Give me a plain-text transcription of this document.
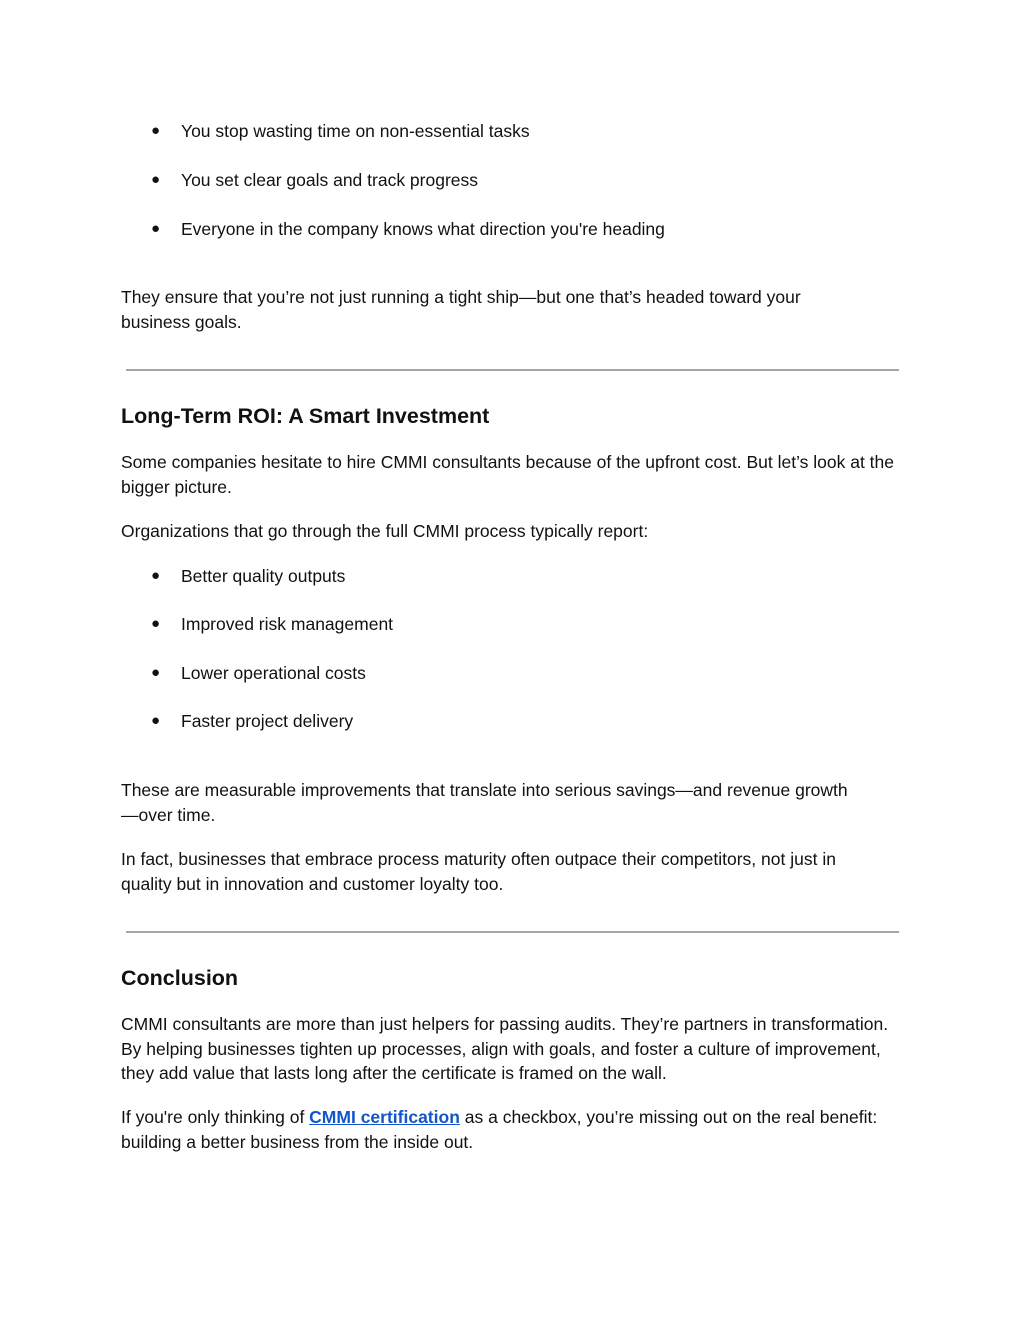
● You stop wasting time on non-essential tasks
● You set clear goals and track progress
● Everyone in the company knows what direction you're heading

They ensure that you’re not just running a tight ship—but one that’s headed toward your business goals.

Long-Term ROI: A Smart Investment

Some companies hesitate to hire CMMI consultants because of the upfront cost. But let’s look at the bigger picture.

Organizations that go through the full CMMI process typically report:

● Better quality outputs
● Improved risk management
● Lower operational costs
● Faster project delivery

These are measurable improvements that translate into serious savings—and revenue growth—over time.

In fact, businesses that embrace process maturity often outpace their competitors, not just in quality but in innovation and customer loyalty too.

Conclusion

CMMI consultants are more than just helpers for passing audits. They’re partners in transformation. By helping businesses tighten up processes, align with goals, and foster a culture of improvement, they add value that lasts long after the certificate is framed on the wall.

If you're only thinking of CMMI certification as a checkbox, you’re missing out on the real benefit: building a better business from the inside out.
